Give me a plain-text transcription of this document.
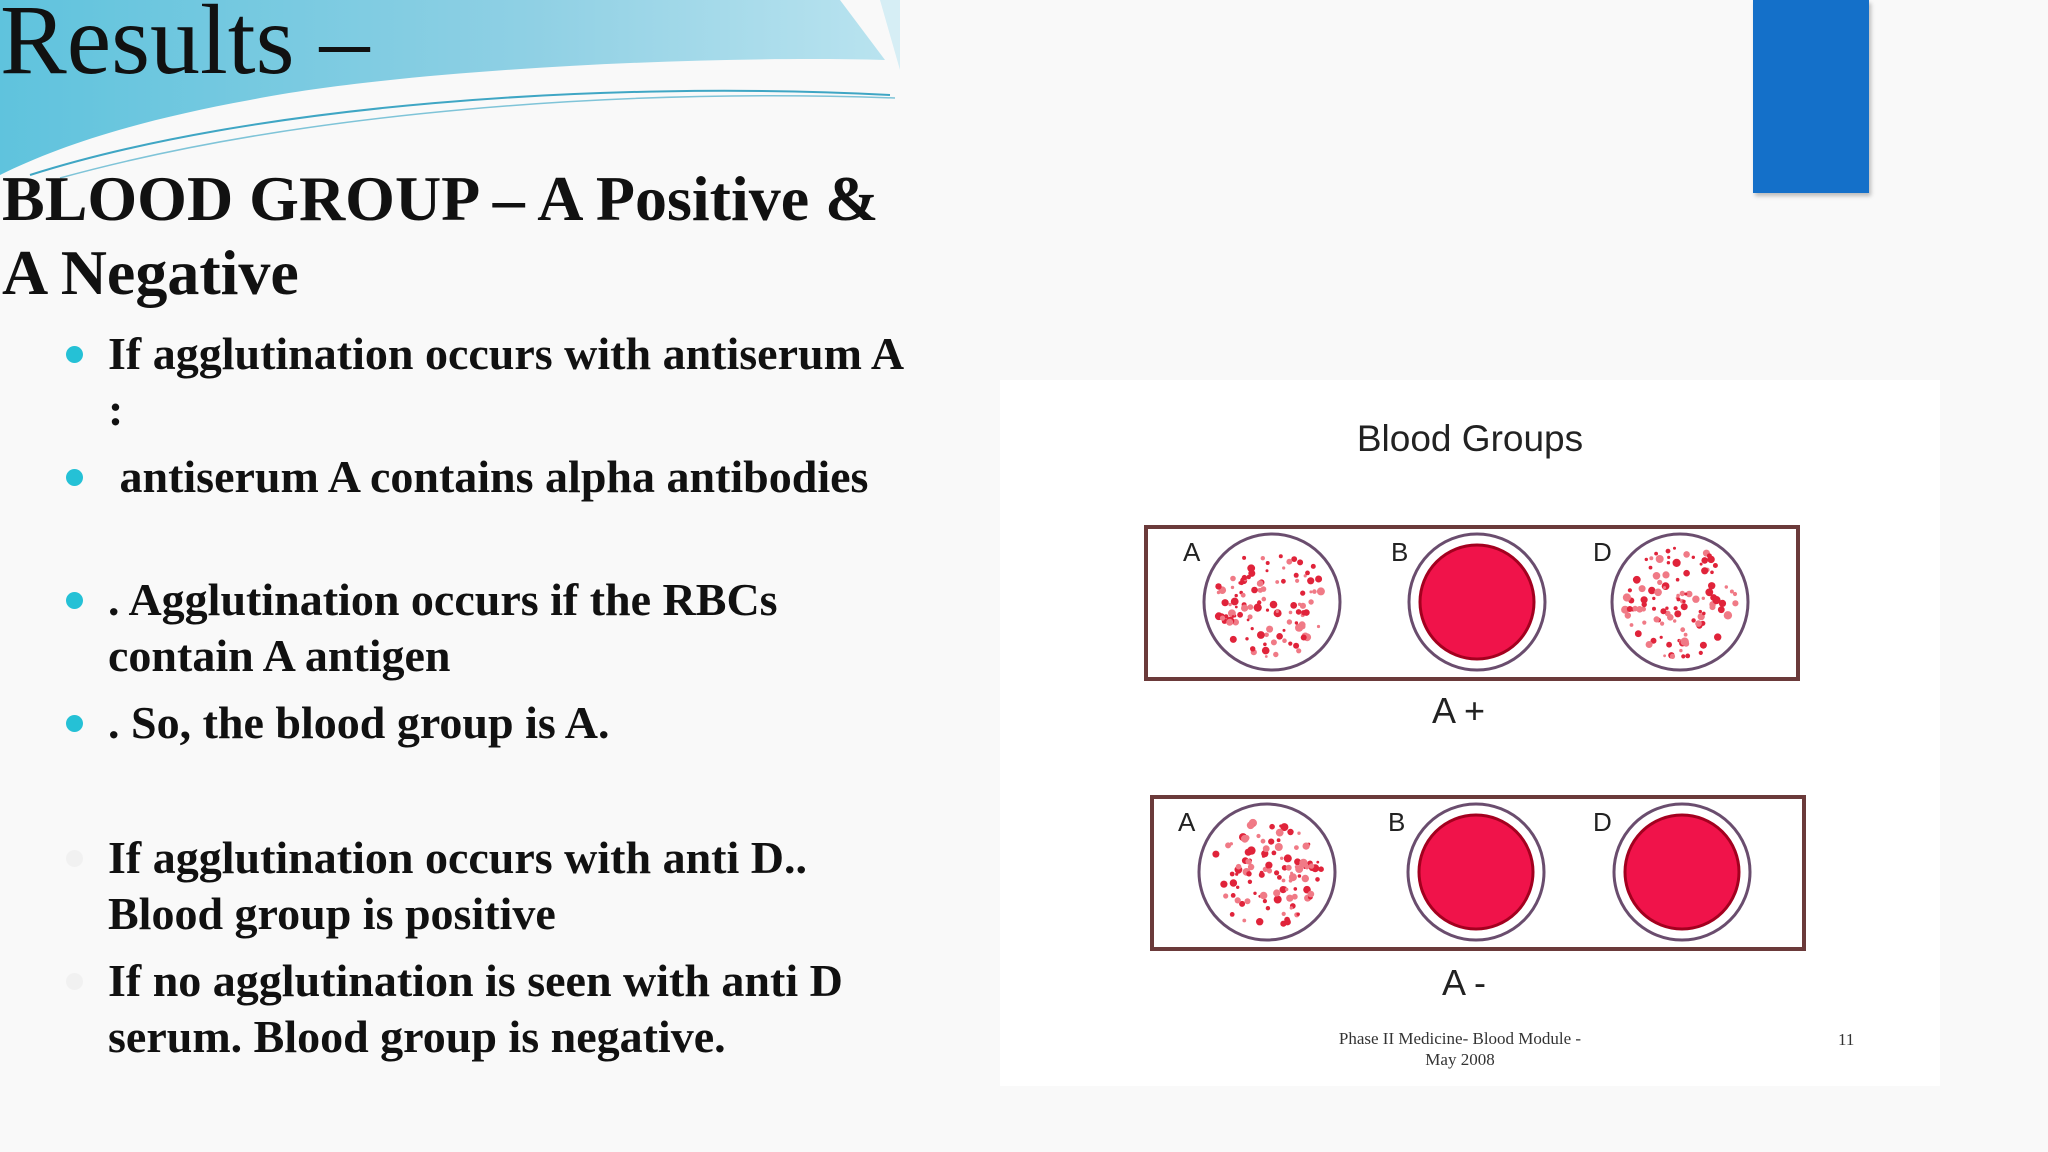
Results –
BLOOD GROUP – A Positive &
A Negative
If agglutination occurs with antiserum A :
antiserum A contains alpha antibodies
. Agglutination occurs if the RBCs contain A antigen
. So, the blood group is A.
If agglutination occurs with anti D.. Blood group is positive
If no agglutination is seen with anti D serum. Blood group is negative.
Blood Groups
A	B	D
A +
A	B	D
A -
Phase II Medicine- Blood Module -
May 2008
11
